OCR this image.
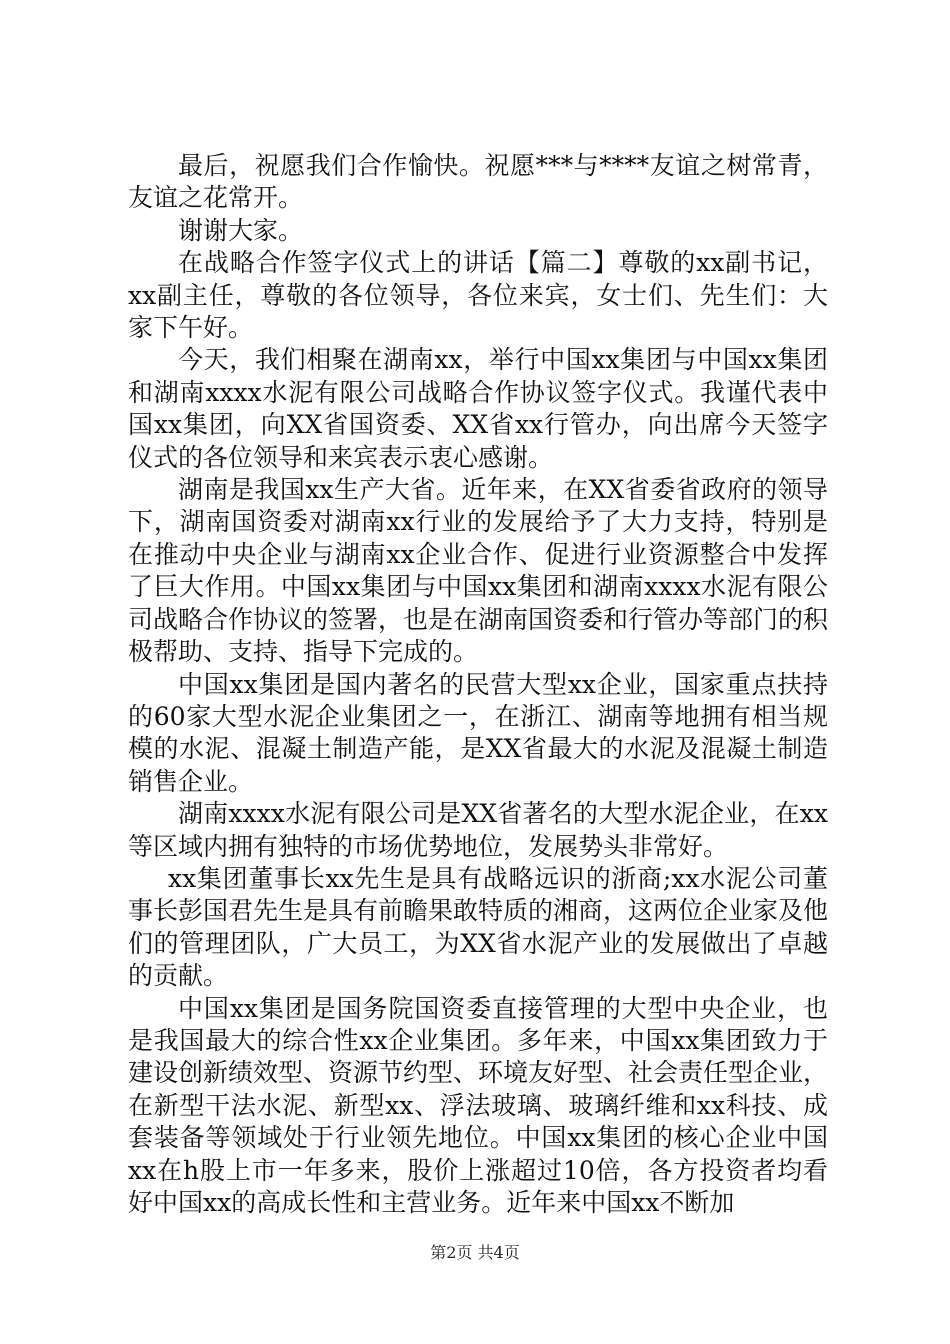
最后，祝愿我们合作愉快。祝愿***与****友谊之树常青，友谊之花常开。

谢谢大家。

在战略合作签字仪式上的讲话【篇二】尊敬的xx副书记，xx副主任，尊敬的各位领导，各位来宾，女士们、先生们：大家下午好。

今天，我们相聚在湖南xx，举行中国xx集团与中国xx集团和湖南xxxx水泥有限公司战略合作协议签字仪式。我谨代表中国xx集团，向XX省国资委、XX省xx行管办，向出席今天签字仪式的各位领导和来宾表示衷心感谢。

湖南是我国xx生产大省。近年来，在XX省委省政府的领导下，湖南国资委对湖南xx行业的发展给予了大力支持，特别是在推动中央企业与湖南xx企业合作、促进行业资源整合中发挥了巨大作用。中国xx集团与中国xx集团和湖南xxxx水泥有限公司战略合作协议的签署，也是在湖南国资委和行管办等部门的积极帮助、支持、指导下完成的。

中国xx集团是国内著名的民营大型xx企业，国家重点扶持的60家大型水泥企业集团之一，在浙江、湖南等地拥有相当规模的水泥、混凝土制造产能，是XX省最大的水泥及混凝土制造销售企业。

湖南xxxx水泥有限公司是XX省著名的大型水泥企业，在xx等区域内拥有独特的市场优势地位，发展势头非常好。

xx集团董事长xx先生是具有战略远识的浙商;xx水泥公司董事长彭国君先生是具有前瞻果敢特质的湘商，这两位企业家及他们的管理团队，广大员工，为XX省水泥产业的发展做出了卓越的贡献。

中国xx集团是国务院国资委直接管理的大型中央企业，也是我国最大的综合性xx企业集团。多年来，中国xx集团致力于建设创新绩效型、资源节约型、环境友好型、社会责任型企业，在新型干法水泥、新型xx、浮法玻璃、玻璃纤维和xx科技、成套装备等领域处于行业领先地位。中国xx集团的核心企业中国xx在h股上市一年多来，股价上涨超过10倍，各方投资者均看好中国xx的高成长性和主营业务。近年来中国xx不断加

第2页 共4页
